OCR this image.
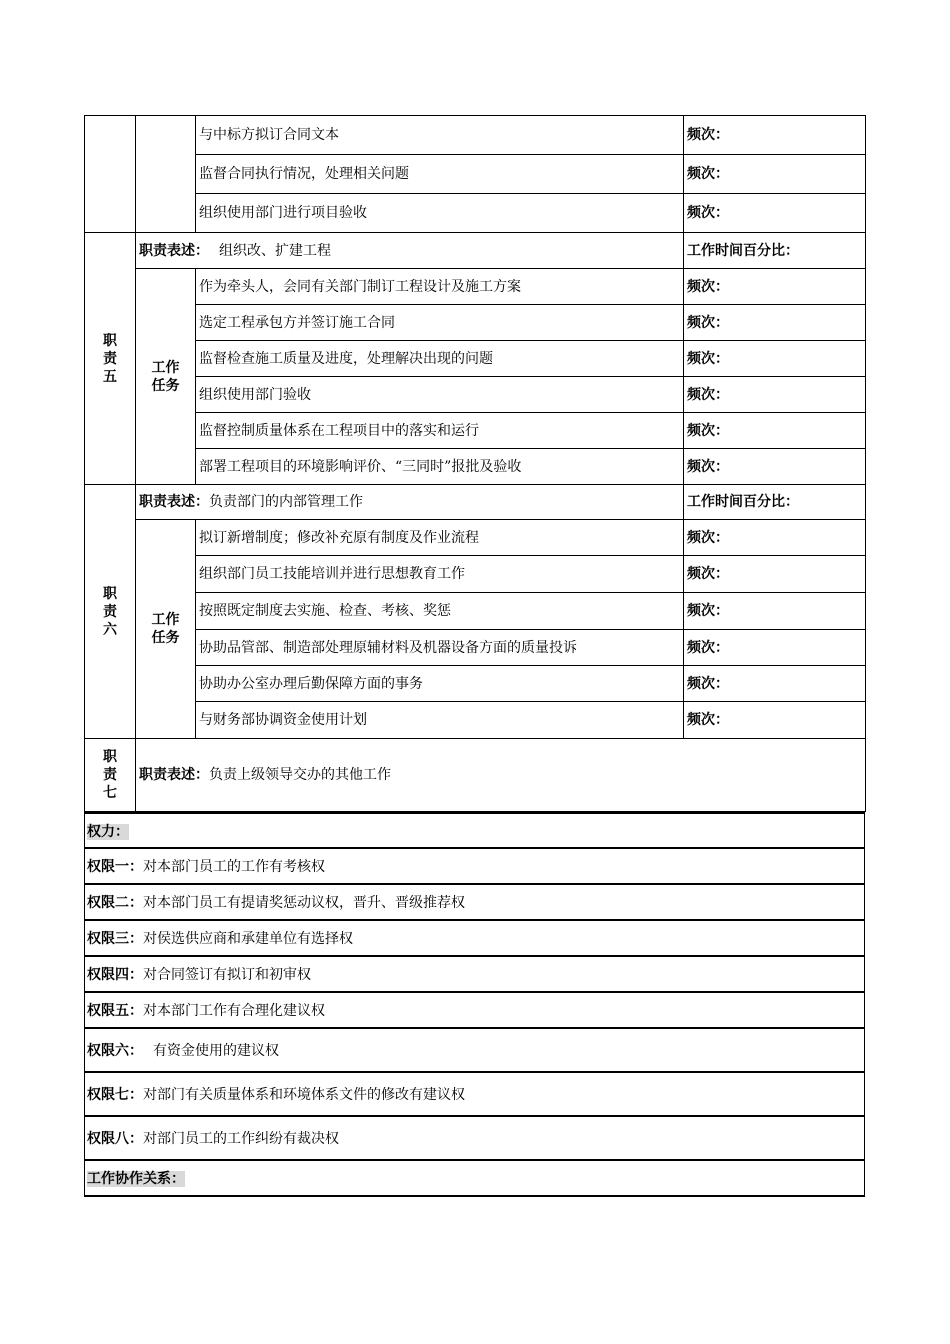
		与中标方拟订合同文本	频次：
		监督合同执行情况，处理相关问题	频次：
		组织使用部门进行项目验收	频次：

职
责
五	职责表述： 组织改、扩建工程		工作时间百分比：

	工作
任务	作为牵头人，会同有关部门制订工程设计及施工方案	频次：
		选定工程承包方并签订施工合同	频次：
		监督检查施工质量及进度，处理解决出现的问题	频次：
		组织使用部门验收	频次：
		监督控制质量体系在工程项目中的落实和运行	频次：
		部署工程项目的环境影响评价、“三同时”报批及验收	频次：

职
责
六	职责表述：负责部门的内部管理工作		工作时间百分比：

	工作
任务	拟订新增制度；修改补充原有制度及作业流程	频次：
		组织部门员工技能培训并进行思想教育工作	频次：
		按照既定制度去实施、检查、考核、奖惩	频次：
		协助品管部、制造部处理原辅材料及机器设备方面的质量投诉	频次：
		协助办公室办理后勤保障方面的事务	频次：
		与财务部协调资金使用计划	频次：

职
责
七	职责表述：负责上级领导交办的其他工作		
权力：
权限一：对本部门员工的工作有考核权
权限二：对本部门员工有提请奖惩动议权，晋升、晋级推荐权
权限三：对侯选供应商和承建单位有选择权
权限四：对合同签订有拟订和初审权
权限五：对本部门工作有合理化建议权
权限六： 有资金使用的建议权
权限七：对部门有关质量体系和环境体系文件的修改有建议权
权限八：对部门员工的工作纠纷有裁决权
工作协作关系：
